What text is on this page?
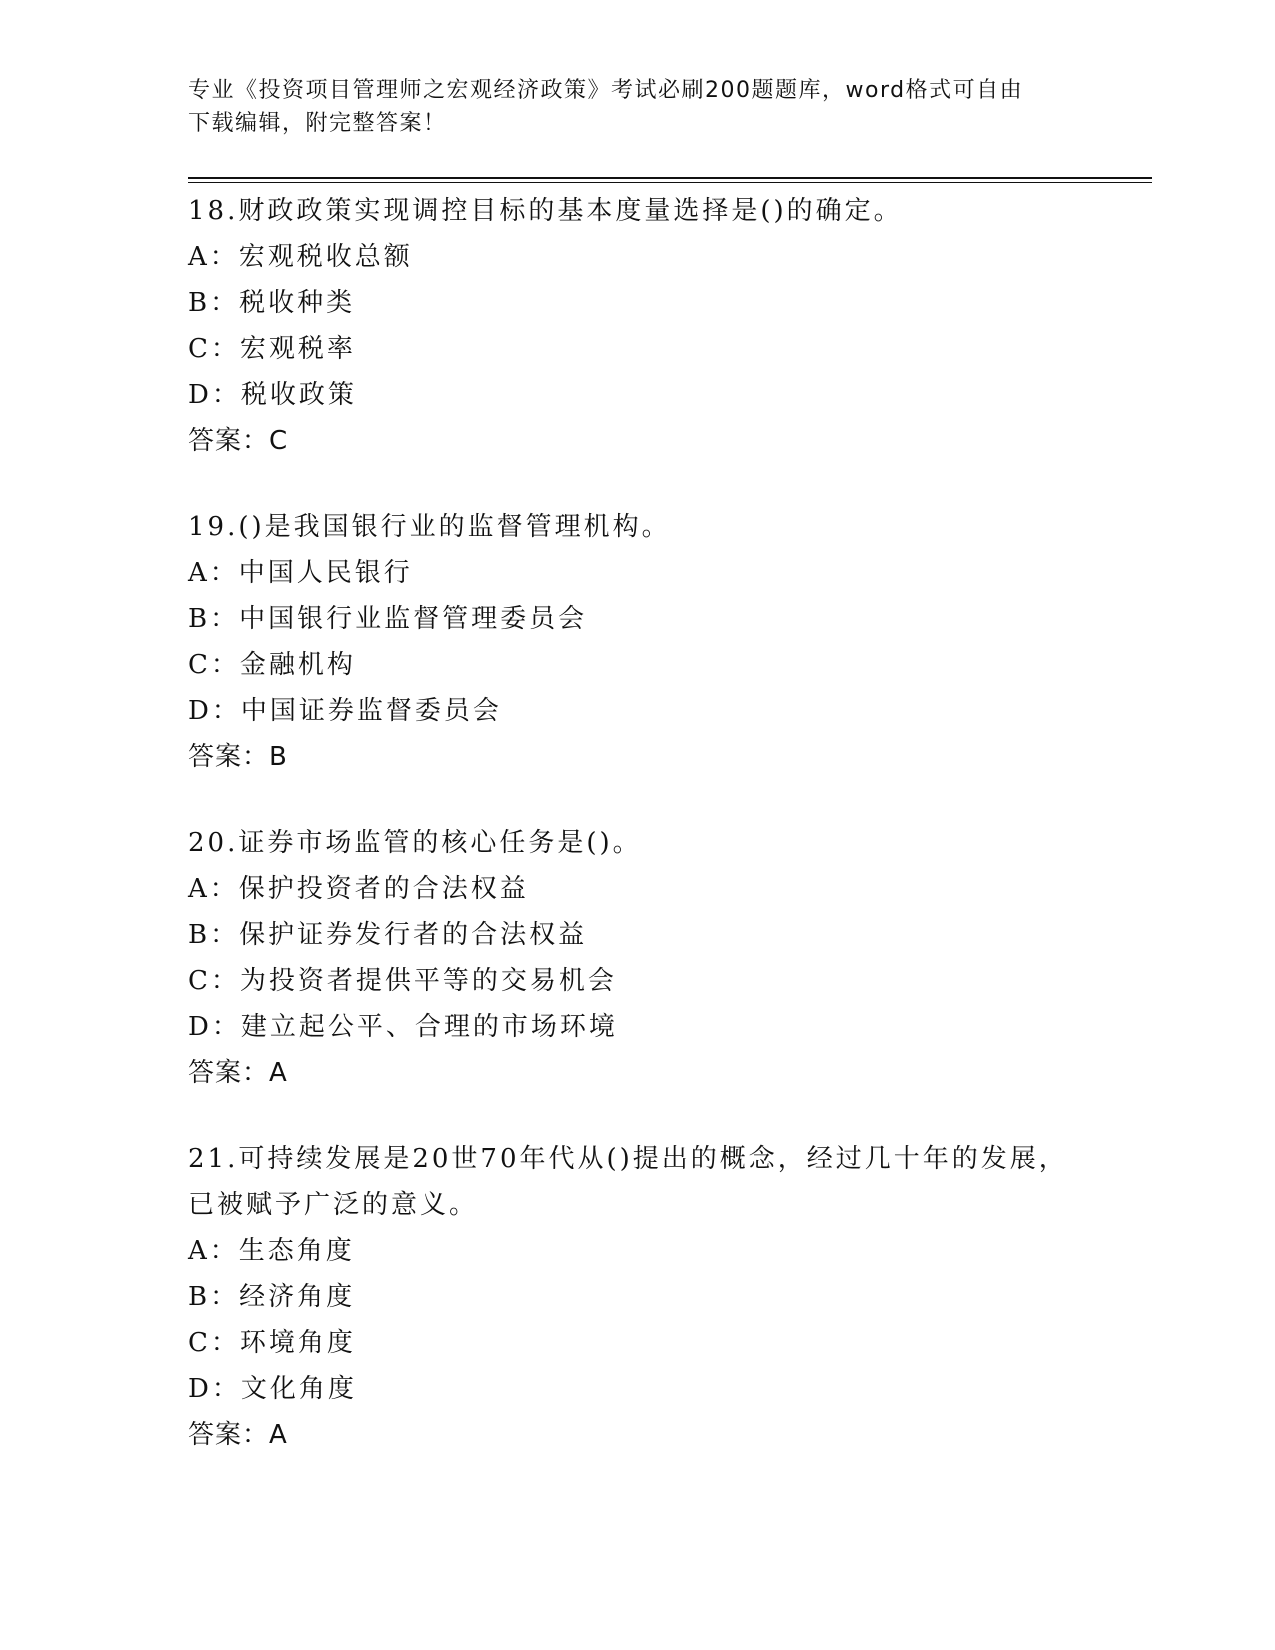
专业《投资项目管理师之宏观经济政策》考试必刷200题题库，word格式可自由
下载编辑，附完整答案！
18.财政政策实现调控目标的基本度量选择是()的确定。
A：宏观税收总额
B：税收种类
C：宏观税率
D：税收政策
答案：C
19.()是我国银行业的监督管理机构。
A：中国人民银行
B：中国银行业监督管理委员会
C：金融机构
D：中国证券监督委员会
答案：B
20.证券市场监管的核心任务是()。
A：保护投资者的合法权益
B：保护证券发行者的合法权益
C：为投资者提供平等的交易机会
D：建立起公平、合理的市场环境
答案：A
21.可持续发展是20世70年代从()提出的概念，经过几十年的发展，已被赋予广泛的意义。
A：生态角度
B：经济角度
C：环境角度
D：文化角度
答案：A
